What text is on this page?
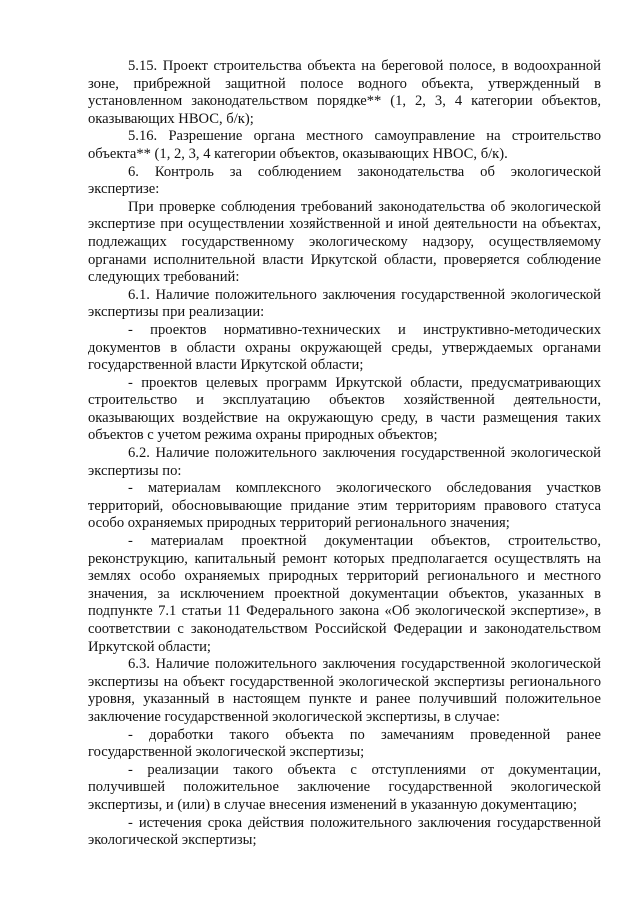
5.15. Проект строительства объекта на береговой полосе, в водоохранной зоне, прибрежной защитной полосе водного объекта, утвержденный в установленном законодательством порядке** (1, 2, 3, 4 категории объектов, оказывающих НВОС, б/к);

5.16. Разрешение органа местного самоуправление на строительство объекта** (1, 2, 3, 4 категории объектов, оказывающих НВОС, б/к).

6. Контроль за соблюдением законодательства об экологической экспертизе:

При проверке соблюдения требований законодательства об экологической экспертизе при осуществлении хозяйственной и иной деятельности на объектах, подлежащих государственному экологическому надзору, осуществляемому органами исполнительной власти Иркутской области, проверяется соблюдение следующих требований:

6.1. Наличие положительного заключения государственной экологической экспертизы при реализации:

- проектов нормативно-технических и инструктивно-методических документов в области охраны окружающей среды, утверждаемых органами государственной власти Иркутской области;

- проектов целевых программ Иркутской области, предусматривающих строительство и эксплуатацию объектов хозяйственной деятельности, оказывающих воздействие на окружающую среду, в части размещения таких объектов с учетом режима охраны природных объектов;

6.2. Наличие положительного заключения государственной экологической экспертизы по:

- материалам комплексного экологического обследования участков территорий, обосновывающие придание этим территориям правового статуса особо охраняемых природных территорий регионального значения;

- материалам проектной документации объектов, строительство, реконструкцию, капитальный ремонт которых предполагается осуществлять на землях особо охраняемых природных территорий регионального и местного значения, за исключением проектной документации объектов, указанных в подпункте 7.1 статьи 11 Федерального закона «Об экологической экспертизе», в соответствии с законодательством Российской Федерации и законодательством Иркутской области;

6.3. Наличие положительного заключения государственной экологической экспертизы на объект государственной экологической экспертизы регионального уровня, указанный в настоящем пункте и ранее получивший положительное заключение государственной экологической экспертизы, в случае:

- доработки такого объекта по замечаниям проведенной ранее государственной экологической экспертизы;

- реализации такого объекта с отступлениями от документации, получившей положительное заключение государственной экологической экспертизы, и (или) в случае внесения изменений в указанную документацию;

- истечения срока действия положительного заключения государственной экологической экспертизы;
